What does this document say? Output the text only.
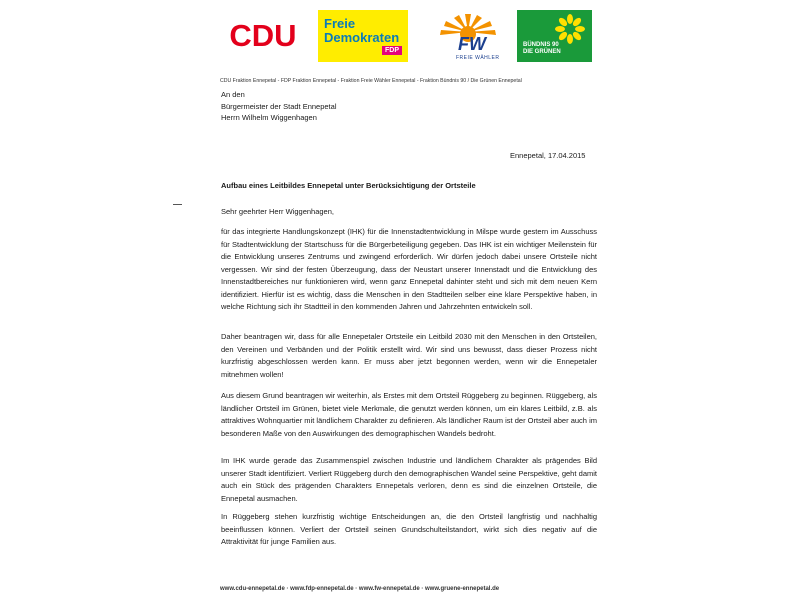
CDU Freie
Demokraten
FDP	FW
FREIE WÄHLER
BÜNDNIS 90
DIE GRÜNEN
CDU Fraktion Ennepetal - FDP Fraktion Ennepetal - Fraktion Freie Wähler Ennepetal - Fraktion Bündnis 90 / Die Grünen Ennepetal
An den
Bürgermeister der Stadt Ennepetal
Herrn Wilhelm Wiggenhagen
Ennepetal, 17.04.2015
Aufbau eines Leitbildes Ennepetal unter Berücksichtigung der Ortsteile
Sehr geehrter Herr Wiggenhagen,
für das integrierte Handlungskonzept (IHK) für die Innenstadtentwicklung in Milspe wurde gestern im Ausschuss für Stadtentwicklung der Startschuss für die Bürgerbeteiligung gegeben. Das IHK ist ein wichtiger Meilenstein für die Entwicklung unseres Zentrums und zwingend erforderlich. Wir dürfen jedoch dabei unsere Ortsteile nicht vergessen. Wir sind der festen Überzeugung, dass der Neustart unserer Innenstadt und die Entwicklung des Innenstadtbereiches nur funktionieren wird, wenn ganz Ennepetal dahinter steht und sich mit dem neuen Kern identifiziert. Hierfür ist es wichtig, dass die Menschen in den Stadtteilen selber eine klare Perspektive haben, in welche Richtung sich ihr Stadtteil in den kommenden Jahren und Jahrzehnten entwickeln soll.
Daher beantragen wir, dass für alle Ennepetaler Ortsteile ein Leitbild 2030 mit den Menschen in den Ortsteilen, den Vereinen und Verbänden und der Politik erstellt wird. Wir sind uns bewusst, dass dieser Prozess nicht kurzfristig abgeschlossen werden kann. Er muss aber jetzt begonnen werden, wenn wir die Ennepetaler mitnehmen wollen!
Aus diesem Grund beantragen wir weiterhin, als Erstes mit dem Ortsteil Rüggeberg zu beginnen. Rüggeberg, als ländlicher Ortsteil im Grünen, bietet viele Merkmale, die genutzt werden können, um ein klares Leitbild, z.B. als attraktives Wohnquartier mit ländlichem Charakter zu definieren. Als ländlicher Raum ist der Ortsteil aber auch im besonderen Maße von den Auswirkungen des demographischen Wandels bedroht.
Im IHK wurde gerade das Zusammenspiel zwischen Industrie und ländlichem Charakter als prägendes Bild unserer Stadt identifiziert. Verliert Rüggeberg durch den demographischen Wandel seine Perspektive, geht damit auch ein Stück des prägenden Charakters Ennepetals verloren, denn es sind die einzelnen Ortsteile, die Ennepetal ausmachen.
In Rüggeberg stehen kurzfristig wichtige Entscheidungen an, die den Ortsteil langfristig und nachhaltig beeinflussen können. Verliert der Ortsteil seinen Grundschulteilstandort, wirkt sich dies negativ auf die Attraktivität für junge Familien aus.
www.cdu-ennepetal.de · www.fdp-ennepetal.de · www.fw-ennepetal.de · www.gruene-ennepetal.de
